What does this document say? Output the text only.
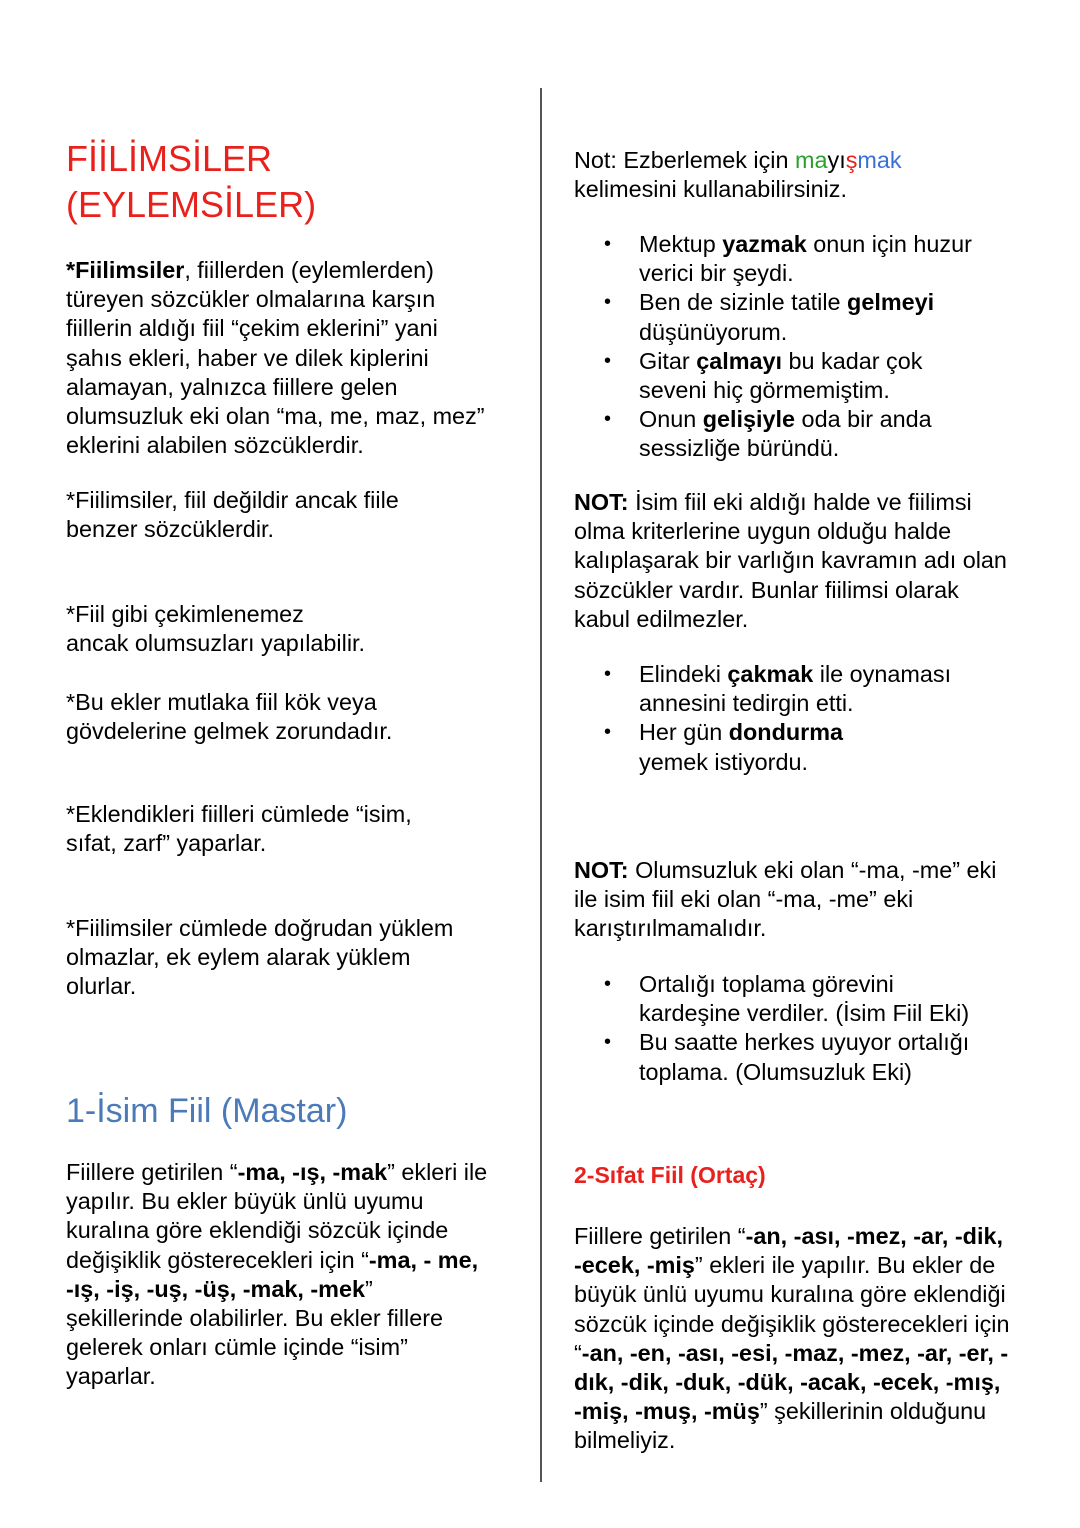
FİİLİMSİLER
(EYLEMSİLER)

*Fiilimsiler, fiillerden (eylemlerden) türeyen sözcükler olmalarına karşın fiillerin aldığı fiil “çekim eklerini” yani şahıs ekleri, haber ve dilek kiplerini alamayan, yalnızca fiillere gelen olumsuzluk eki olan “ma, me, maz, mez” eklerini alabilen sözcüklerdir.

*Fiilimsiler, fiil değildir ancak fiile benzer sözcüklerdir.

*Fiil gibi çekimlenemez
ancak olumsuzları yapılabilir.

*Bu ekler mutlaka fiil kök veya gövdelerine gelmek zorundadır.

*Eklendikleri fiilleri cümlede “isim, sıfat, zarf” yaparlar.

*Fiilimsiler cümlede doğrudan yüklem olmazlar, ek eylem alarak yüklem olurlar.

1-İsim Fiil (Mastar)

Fiillere getirilen “-ma, -ış, -mak” ekleri ile yapılır. Bu ekler büyük ünlü uyumu kuralına göre eklendiği sözcük içinde değişiklik gösterecekleri için “-ma, - me, -ış, -iş, -uş, -üş, -mak, -mek” şekillerinde olabilirler. Bu ekler fillere gelerek onları cümle içinde “isim” yaparlar.

Not: Ezberlemek için mayışmak
kelimesini kullanabilirsiniz.

• Mektup yazmak onun için huzur verici bir şeydi.
• Ben de sizinle tatile gelmeyi düşünüyorum.
• Gitar çalmayı bu kadar çok seveni hiç görmemiştim.
• Onun gelişiyle oda bir anda sessizliğe büründü.

NOT: İsim fiil eki aldığı halde ve fiilimsi olma kriterlerine uygun olduğu halde kalıplaşarak bir varlığın kavramın adı olan sözcükler vardır. Bunlar fiilimsi olarak kabul edilmezler.

• Elindeki çakmak ile oynaması annesini tedirgin etti.
• Her gün dondurma
yemek istiyordu.

NOT: Olumsuzluk eki olan “-ma, -me” eki ile isim fiil eki olan “-ma, -me” eki karıştırılmamalıdır.

• Ortalığı toplama görevini kardeşine verdiler. (İsim Fiil Eki)
• Bu saatte herkes uyuyor ortalığı toplama. (Olumsuzluk Eki)
2-Sıfat Fiil (Ortaç)

Fiillere getirilen “-an, -ası, -mez, -ar, -dik, -ecek, -miş” ekleri ile yapılır. Bu ekler de büyük ünlü uyumu kuralına göre eklendiği sözcük içinde değişiklik gösterecekleri için “-an, -en, -ası, -esi, -maz, -mez, -ar, -er, -dık, -dik, -duk, -dük, -acak, -ecek, -mış, -miş, -muş, -müş” şekillerinin olduğunu bilmeliyiz.
